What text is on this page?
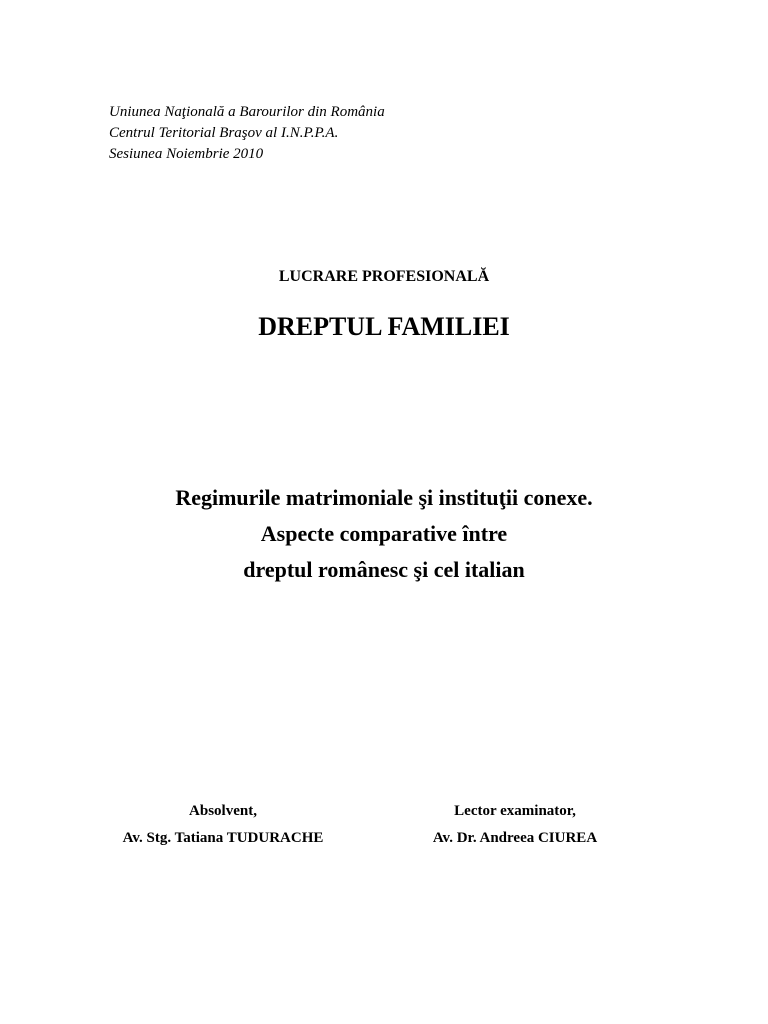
Uniunea Naţională a Barourilor din România
Centrul Teritorial Braşov al I.N.P.P.A.
Sesiunea Noiembrie 2010
LUCRARE PROFESIONALĂ
DREPTUL FAMILIEI
Regimurile matrimoniale şi instituţii conexe.
Aspecte comparative între
dreptul românesc şi cel italian
Absolvent,
Av. Stg. Tatiana TUDURACHE
Lector examinator,
Av. Dr. Andreea CIUREA
